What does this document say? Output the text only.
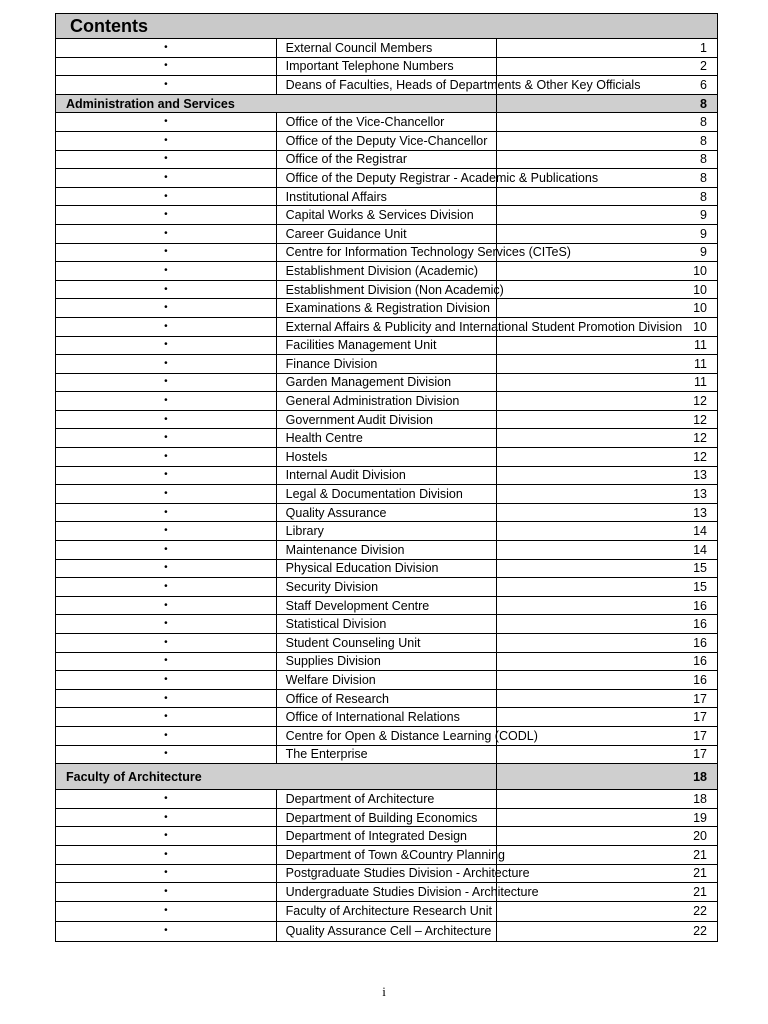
Contents		
•	External Council Members	1
•	Important Telephone Numbers	2
•	Deans of Faculties, Heads of Departments & Other Key Officials	6
Administration and Services		8
•	Office of the Vice-Chancellor	8
•	Office of the Deputy Vice-Chancellor	8
•	Office of the Registrar	8
•	Office of the Deputy Registrar - Academic & Publications	8
•	Institutional Affairs	8
•	Capital Works & Services Division	9
•	Career Guidance Unit	9
•	Centre for Information Technology Services (CITeS)	9
•	Establishment Division (Academic)	10
•	Establishment Division (Non Academic)	10
•	Examinations & Registration Division	10
•	External Affairs & Publicity and International Student Promotion Division	10
•	Facilities Management Unit	11
•	Finance Division	11
•	Garden Management Division	11
•	General Administration Division	12
•	Government Audit Division	12
•	Health Centre	12
•	Hostels	12
•	Internal Audit Division	13
•	Legal & Documentation Division	13
•	Quality Assurance	13
•	Library	14
•	Maintenance Division	14
•	Physical Education Division	15
•	Security Division	15
•	Staff Development Centre	16
•	Statistical Division	16
•	Student Counseling Unit	16
•	Supplies Division	16
•	Welfare Division	16
•	Office of Research	17
•	Office of International Relations	17
•	Centre for Open & Distance Learning (CODL)	17
•	The Enterprise	17
Faculty of Architecture		18
•	Department of Architecture	18
•	Department of Building Economics	19
•	Department of Integrated Design	20
•	Department of Town &Country Planning	21
•	Postgraduate Studies Division - Architecture	21
•	Undergraduate Studies Division - Architecture	21
•	Faculty of Architecture Research Unit	22
•	Quality Assurance Cell – Architecture	22
i
